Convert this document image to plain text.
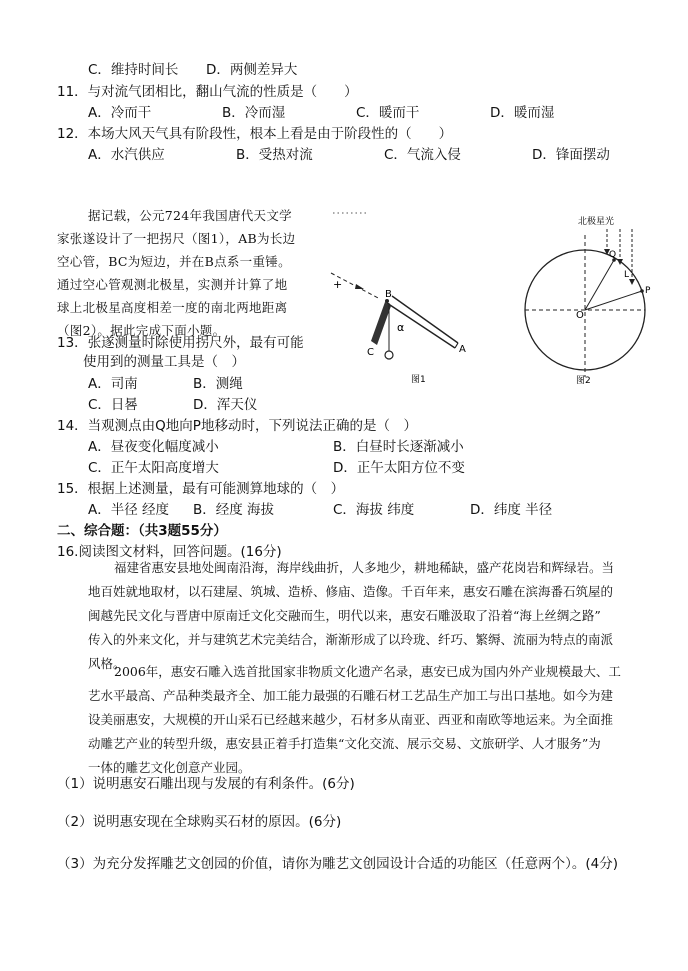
C．维持时间长 D．两侧差异大
11．与对流气团相比，翻山气流的性质是（　　）
A．冷而干	B．冷而湿	C．暖而干	D．暖而湿
12．本场大风天气具有阶段性，根本上看是由于阶段性的（　　）
A．水汽供应	B．受热对流	C．气流入侵	D．锋面摆动
据记载，公元724年我国唐代天文学
家张遂设计了一把拐尺（图1），AB为长边
空心管，BC为短边，并在B点系一重锤。
通过空心管观测北极星，实测并计算了地
球上北极星高度相差一度的南北两地距离
（图2）。据此完成下面小题。
+
B
A
C
α
图1
北极星光
O
Q
P
L
图2
13．张遂测量时除使用拐尺外，最有可能
使用到的测量工具是（　）
A．司南	B．测绳
C．日晷	D．浑天仪
14．当观测点由Q地向P地移动时，下列说法正确的是（　）
A．昼夜变化幅度减小	B．白昼时长逐渐减小
C．正午太阳高度增大	D．正午太阳方位不变
15．根据上述测量，最有可能测算地球的（　）
A．半径 经度 B．经度 海拔	C．海拔 纬度	D．纬度 半径
二、综合题：（共3题55分）
16.阅读图文材料，回答问题。(16分)
福建省惠安县地处闽南沿海，海岸线曲折，人多地少，耕地稀缺，盛产花岗岩和辉绿岩。当
地百姓就地取材，以石建屋、筑城、造桥、修庙、造像。千百年来，惠安石雕在滨海番石筑屋的
闽越先民文化与晋唐中原南迁文化交融而生，明代以来，惠安石雕汲取了沿着“海上丝绸之路”
传入的外来文化，并与建筑艺术完美结合，渐渐形成了以玲珑、纤巧、繁缛、流丽为特点的南派
风格。
2006年，惠安石雕入选首批国家非物质文化遗产名录，惠安已成为国内外产业规模最大、工
艺水平最高、产品种类最齐全、加工能力最强的石雕石材工艺品生产加工与出口基地。如今为建
设美丽惠安，大规模的开山采石已经越来越少，石材多从南亚、西亚和南欧等地运来。为全面推
动雕艺产业的转型升级，惠安县正着手打造集“文化交流、展示交易、文旅研学、人才服务”为
一体的雕艺文化创意产业园。
（1）说明惠安石雕出现与发展的有利条件。(6分)
（2）说明惠安现在全球购买石材的原因。(6分)
（3）为充分发挥雕艺文创园的价值，请你为雕艺文创园设计合适的功能区（任意两个）。(4分)
